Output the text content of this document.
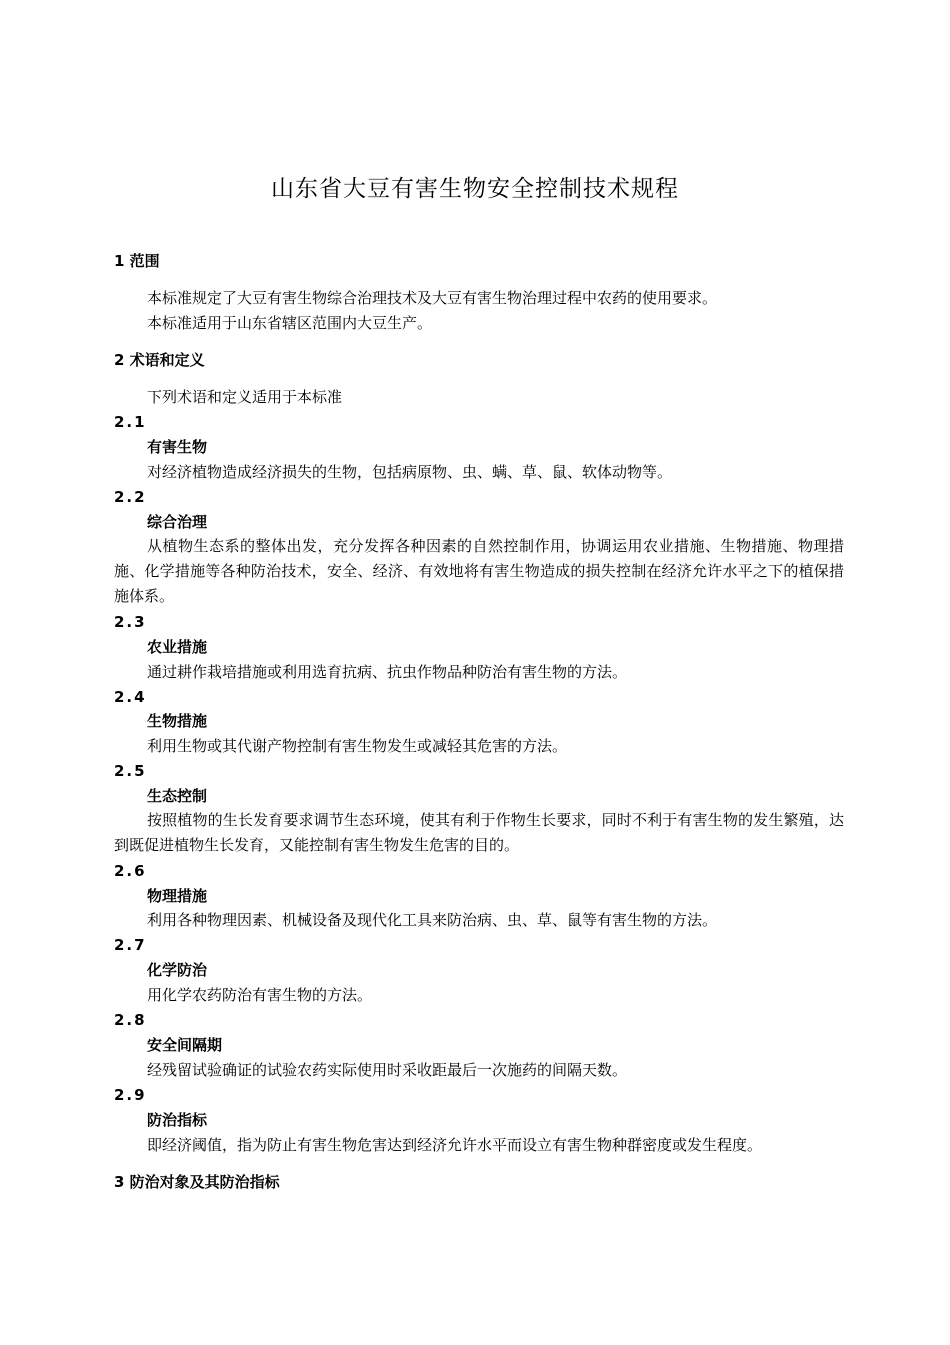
山东省大豆有害生物安全控制技术规程
1 范围
本标准规定了大豆有害生物综合治理技术及大豆有害生物治理过程中农药的使用要求。
本标准适用于山东省辖区范围内大豆生产。
2 术语和定义
下列术语和定义适用于本标准
2.1
有害生物
对经济植物造成经济损失的生物，包括病原物、虫、螨、草、鼠、软体动物等。
2.2
综合治理
从植物生态系的整体出发，充分发挥各种因素的自然控制作用，协调运用农业措施、生物措施、物理措施、化学措施等各种防治技术，安全、经济、有效地将有害生物造成的损失控制在经济允许水平之下的植保措施体系。
2.3
农业措施
通过耕作栽培措施或利用选育抗病、抗虫作物品种防治有害生物的方法。
2.4
生物措施
利用生物或其代谢产物控制有害生物发生或减轻其危害的方法。
2.5
生态控制
按照植物的生长发育要求调节生态环境，使其有利于作物生长要求，同时不利于有害生物的发生繁殖，达到既促进植物生长发育，又能控制有害生物发生危害的目的。
2.6
物理措施
利用各种物理因素、机械设备及现代化工具来防治病、虫、草、鼠等有害生物的方法。
2.7
化学防治
用化学农药防治有害生物的方法。
2.8
安全间隔期
经残留试验确证的试验农药实际使用时采收距最后一次施药的间隔天数。
2.9
防治指标
即经济阈值，指为防止有害生物危害达到经济允许水平而设立有害生物种群密度或发生程度。
3 防治对象及其防治指标
